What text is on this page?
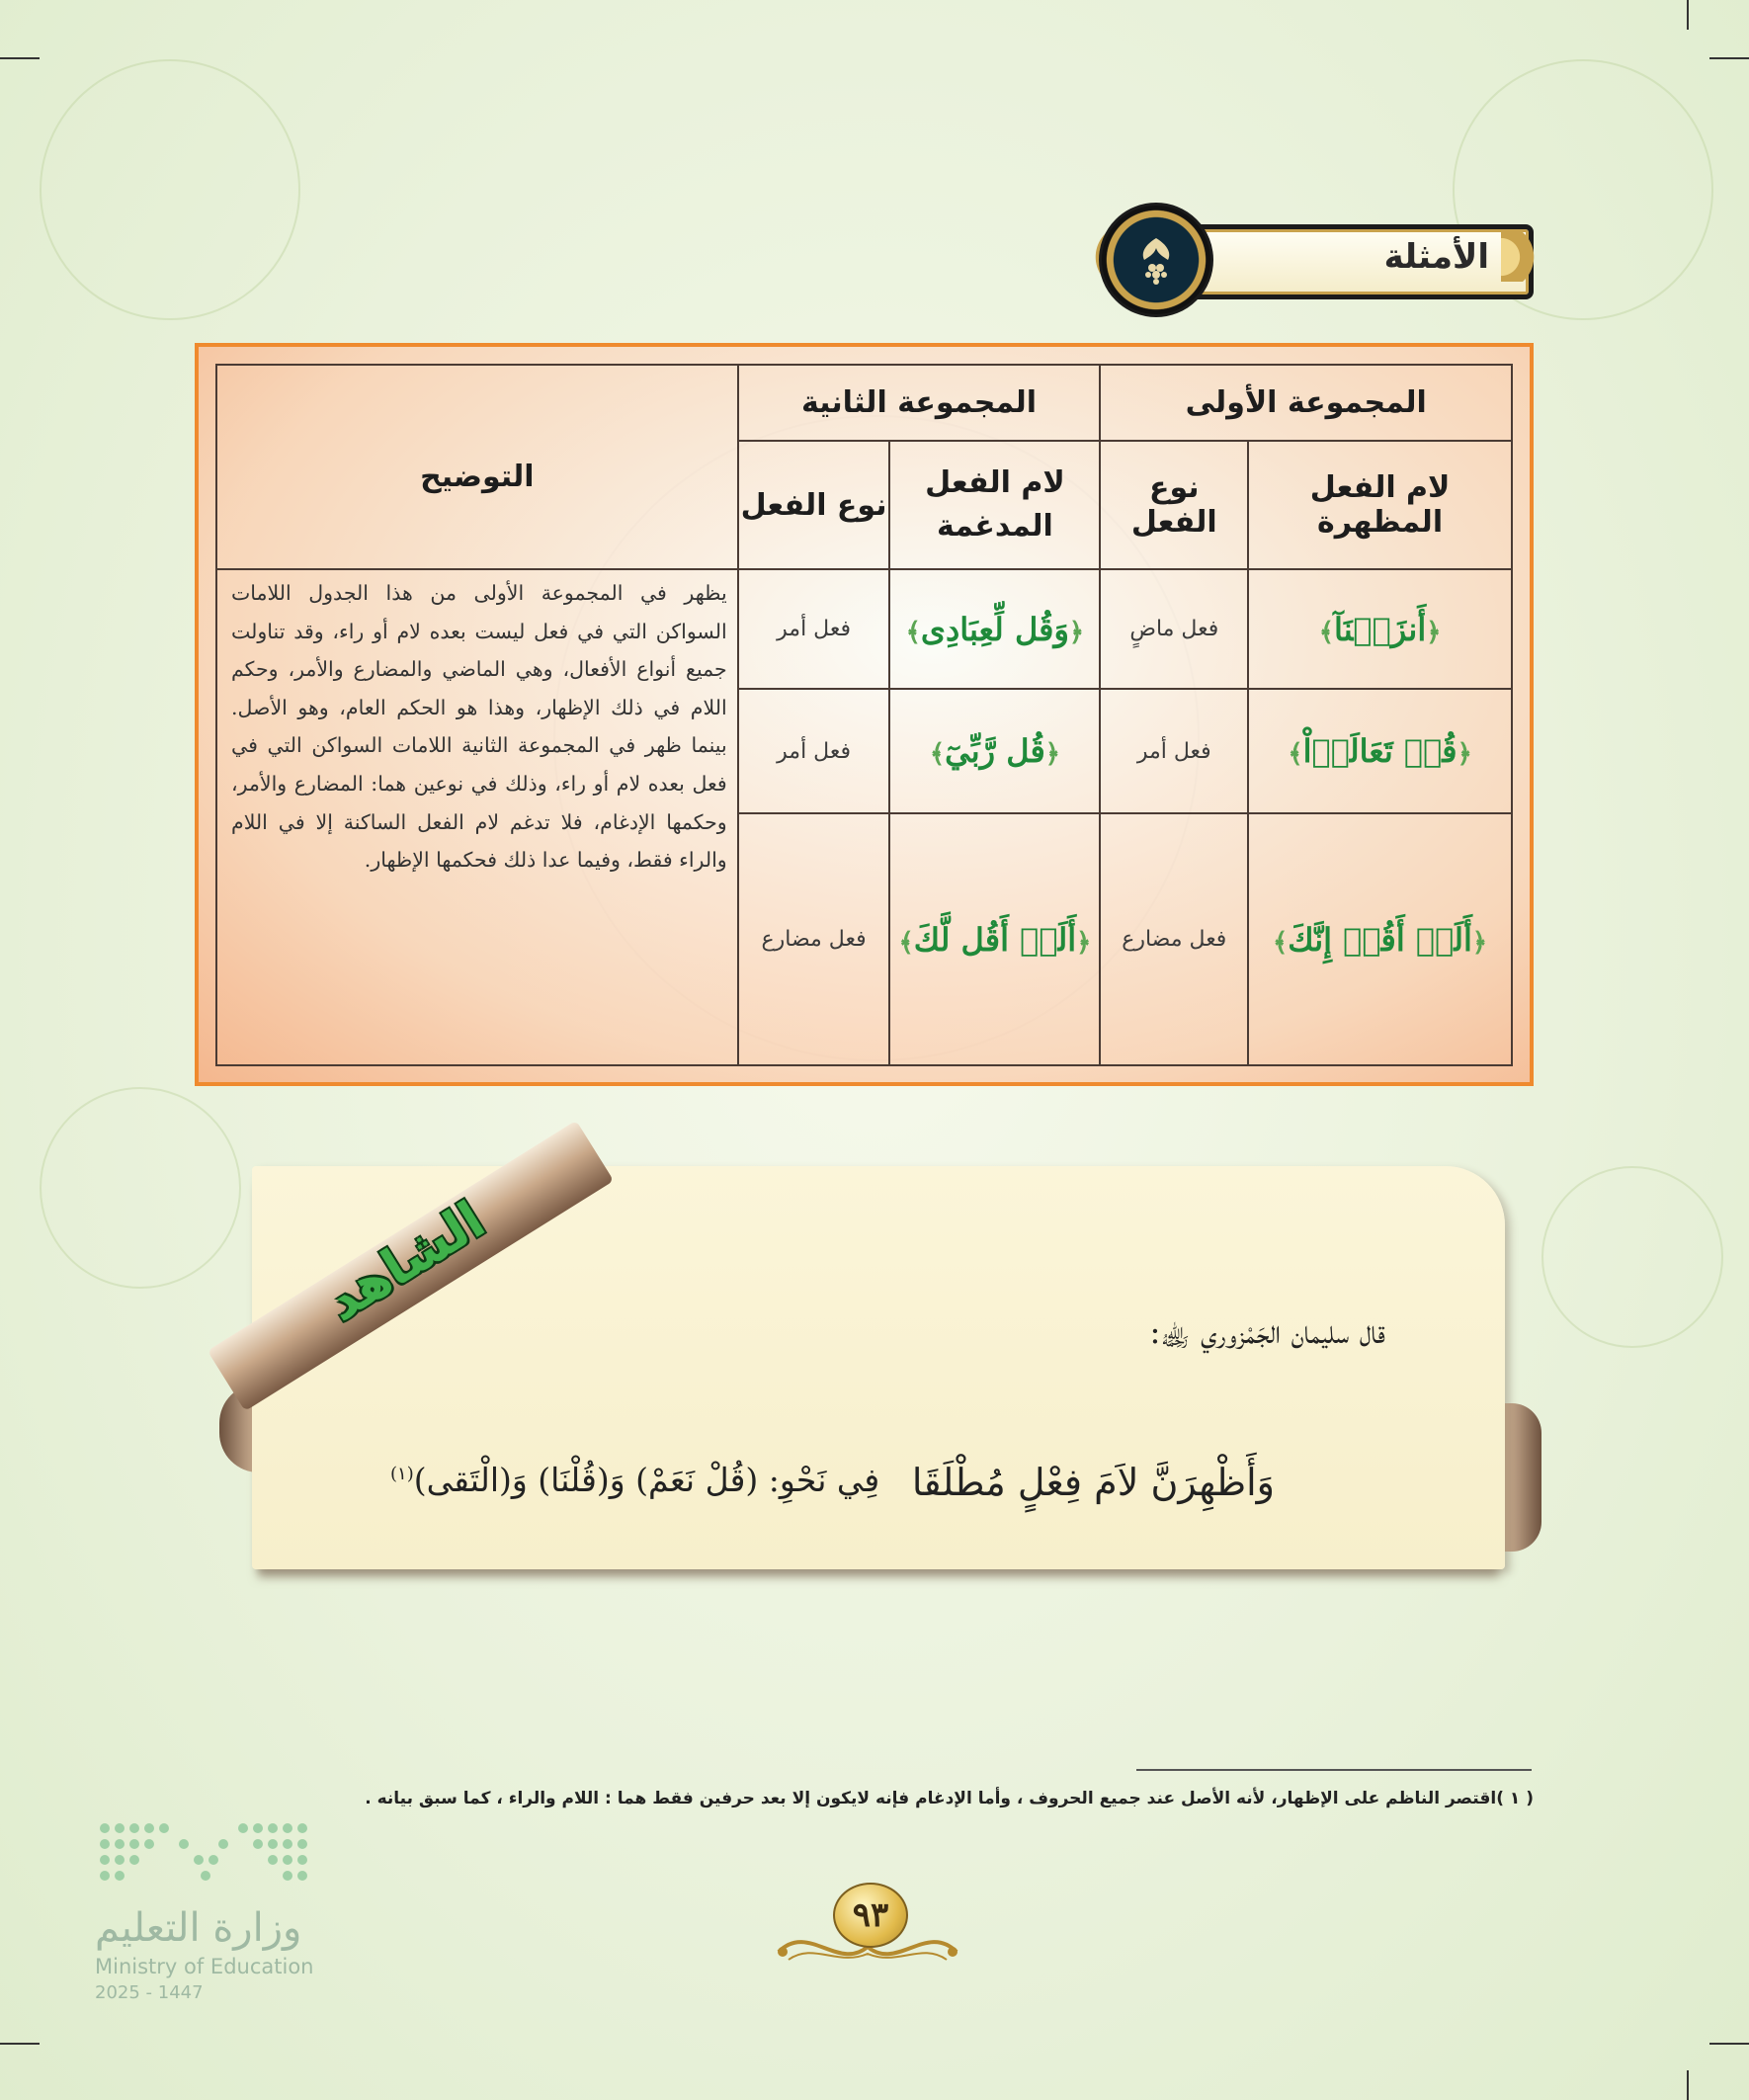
الأمثلة
المجموعة الأولى		المجموعة الثانية		التوضيح
لام الفعل المظهرة	نوع الفعل	لام الفعل المدغمة	نوع الفعل	
﴿أَنزَلۡنَآ﴾	فعل ماضٍ	﴿وَقُل لِّعِبَادِى﴾	فعل أمر	يظهر في المجموعة الأولى من هذا الجدول اللامات السواكن التي في فعل ليست بعده لام أو راء، وقد تناولت جميع أنواع الأفعال، وهي الماضي والمضارع والأمر، وحكم اللام في ذلك الإظهار، وهذا هو الحكم العام، وهو الأصل. بينما ظهر في المجموعة الثانية اللامات السواكن التي في فعل بعده لام أو راء، وذلك في نوعين هما: المضارع والأمر، وحكمها الإدغام، فلا تدغم لام الفعل الساكنة إلا في اللام والراء فقط، وفيما عدا ذلك فحكمها الإظهار.
﴿قُلۡ تَعَالَوۡاْ﴾	فعل أمر	﴿قُل رَّبِّيٓ﴾	فعل أمر	
﴿أَلَمۡ أَقُلۡ إِنَّكَ﴾	فعل مضارع	﴿أَلَمۡ أَقُل لَّكَ﴾	فعل مضارع	
الشاهد	قال سليمان الجَمْزوري ﵀:
وَأَظْهِرَنَّ لاَمَ فِعْلٍ مُطْلَقَا
فِي نَحْوِ: (قُلْ نَعَمْ) وَ(قُلْنَا) وَ(الْتَقى)$^{(١)}$
( ١ )اقتصر الناظم على الإظهار، لأنه الأصل عند جميع الحروف ، وأما الإدغام فإنه لايكون إلا بعد حرفين فقط هما : اللام والراء ، كما سبق بيانه .
وزارة التعليم
Ministry of Education
2025 - 1447
٩٣
